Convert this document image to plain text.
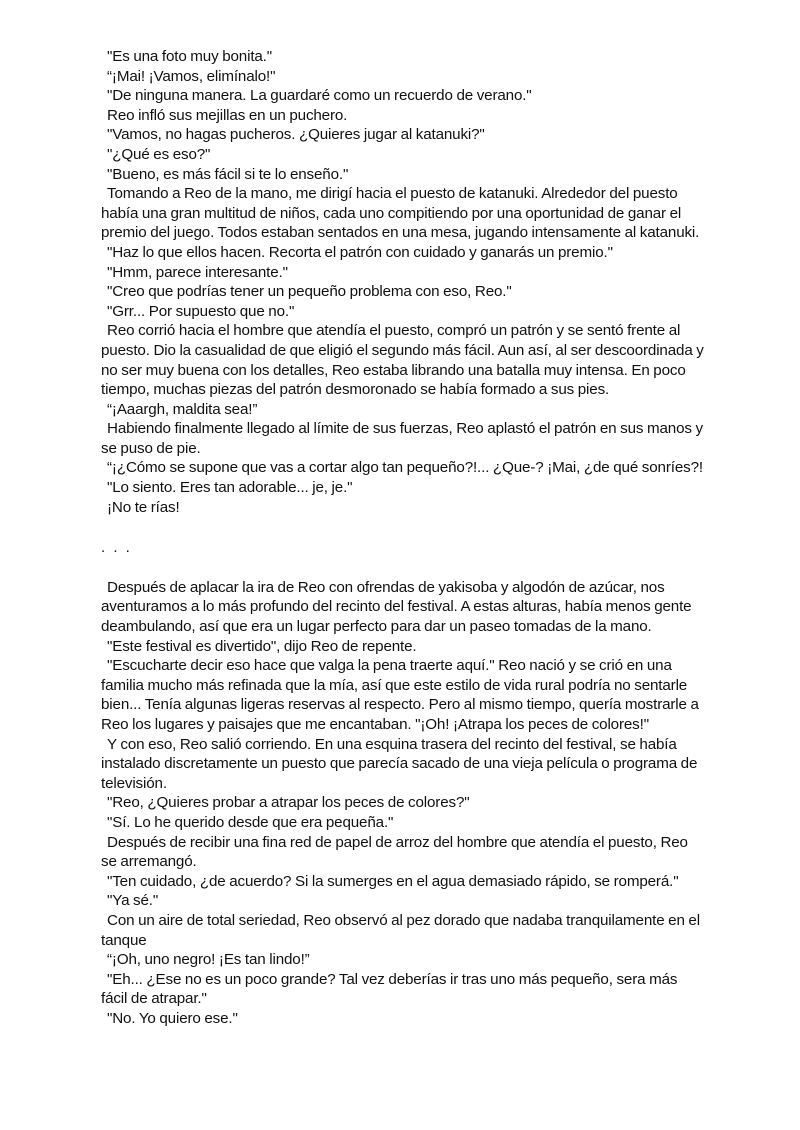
"Es una foto muy bonita."

“¡Mai! ¡Vamos, elimínalo!"

"De ninguna manera. La guardaré como un recuerdo de verano."

Reo infló sus mejillas en un puchero.

"Vamos, no hagas pucheros. ¿Quieres jugar al katanuki?"

"¿Qué es eso?"

"Bueno, es más fácil si te lo enseño."

Tomando a Reo de la mano, me dirigí hacia el puesto de katanuki. Alrededor del puesto había una gran multitud de niños, cada uno compitiendo por una oportunidad de ganar el premio del juego. Todos estaban sentados en una mesa, jugando intensamente al katanuki.

"Haz lo que ellos hacen. Recorta el patrón con cuidado y ganarás un premio."

"Hmm, parece interesante."

"Creo que podrías tener un pequeño problema con eso, Reo."

"Grr... Por supuesto que no."

Reo corrió hacia el hombre que atendía el puesto, compró un patrón y se sentó frente al puesto. Dio la casualidad de que eligió el segundo más fácil. Aun así, al ser descoordinada y no ser muy buena con los detalles, Reo estaba librando una batalla muy intensa. En poco tiempo, muchas piezas del patrón desmoronado se había formado a sus pies.

“¡Aaargh, maldita sea!”

Habiendo finalmente llegado al límite de sus fuerzas, Reo aplastó el patrón en sus manos y se puso de pie.

“¡¿Cómo se supone que vas a cortar algo tan pequeño?!... ¿Que-? ¡Mai, ¿de qué sonríes?!

"Lo siento. Eres tan adorable... je, je."

¡No te rías!

. . .

Después de aplacar la ira de Reo con ofrendas de yakisoba y algodón de azúcar, nos aventuramos a lo más profundo del recinto del festival. A estas alturas, había menos gente deambulando, así que era un lugar perfecto para dar un paseo tomadas de la mano.

"Este festival es divertido", dijo Reo de repente.

"Escucharte decir eso hace que valga la pena traerte aquí." Reo nació y se crió en una familia mucho más refinada que la mía, así que este estilo de vida rural podría no sentarle bien... Tenía algunas ligeras reservas al respecto. Pero al mismo tiempo, quería mostrarle a Reo los lugares y paisajes que me encantaban. "¡Oh! ¡Atrapa los peces de colores!"

Y con eso, Reo salió corriendo. En una esquina trasera del recinto del festival, se había instalado discretamente un puesto que parecía sacado de una vieja película o programa de televisión.

"Reo, ¿Quieres probar a atrapar los peces de colores?"

"Sí. Lo he querido desde que era pequeña."

Después de recibir una fina red de papel de arroz del hombre que atendía el puesto, Reo se arremangó.

"Ten cuidado, ¿de acuerdo? Si la sumerges en el agua demasiado rápido, se romperá."

"Ya sé."

Con un aire de total seriedad, Reo observó al pez dorado que nadaba tranquilamente en el tanque

“¡Oh, uno negro! ¡Es tan lindo!”

"Eh... ¿Ese no es un poco grande? Tal vez deberías ir tras uno más pequeño, sera más fácil de atrapar."

"No. Yo quiero ese."
